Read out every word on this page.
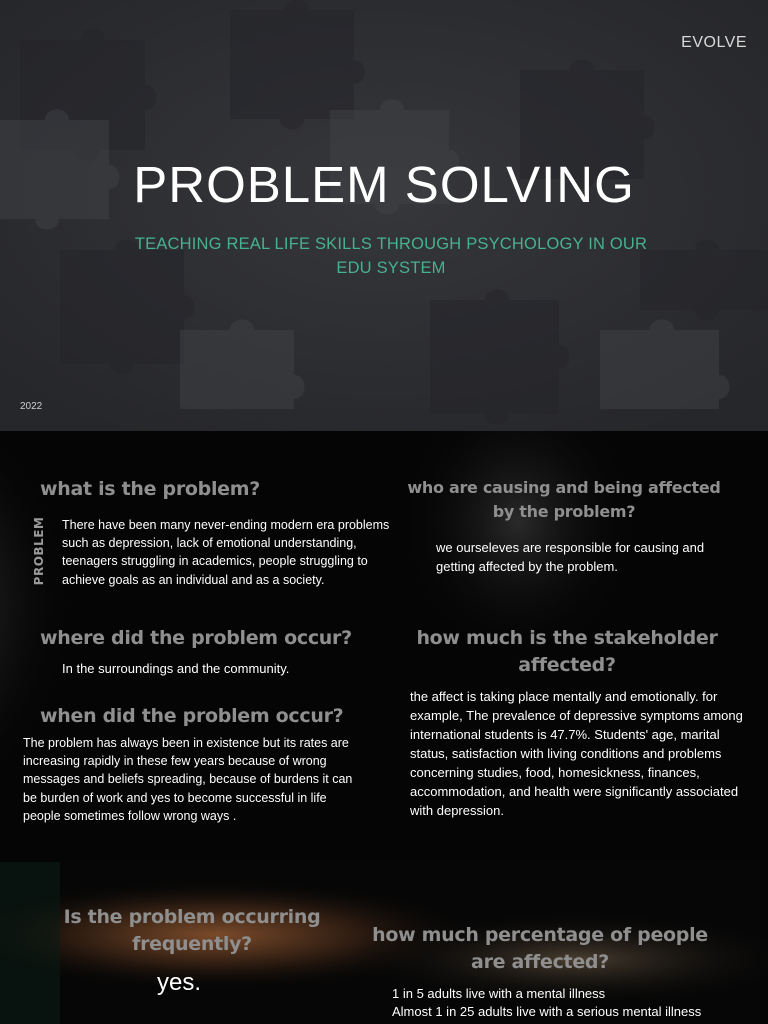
EVOLVE
PROBLEM SOLVING
TEACHING REAL LIFE SKILLS THROUGH PSYCHOLOGY IN OUR EDU SYSTEM
2022
PROBLEM
what is the problem?
There have been many never-ending modern era problems such as depression, lack of emotional understanding, teenagers struggling in academics, people struggling to achieve goals as an individual and as a society.
who are causing and being affected by the problem?
we ourseleves are responsible for causing and getting affected by the problem.
where did the problem occur?
In the surroundings and the community.
how much is the stakeholder affected?
the affect is taking place mentally and emotionally. for example, The prevalence of depressive symptoms among international students is 47.7%. Students' age, marital status, satisfaction with living conditions and problems concerning studies, food, homesickness, finances, accommodation, and health were significantly associated with depression.
when did the problem occur?
The problem has always been in existence but its rates are increasing rapidly in these few years because of wrong messages and beliefs spreading, because of burdens it can be burden of work and yes to become successful in life people sometimes follow wrong ways .
Is the problem occurring frequently?
yes.
how much percentage of people are affected?
1 in 5 adults live with a mental illness
Almost 1 in 25 adults live with a serious mental illness
